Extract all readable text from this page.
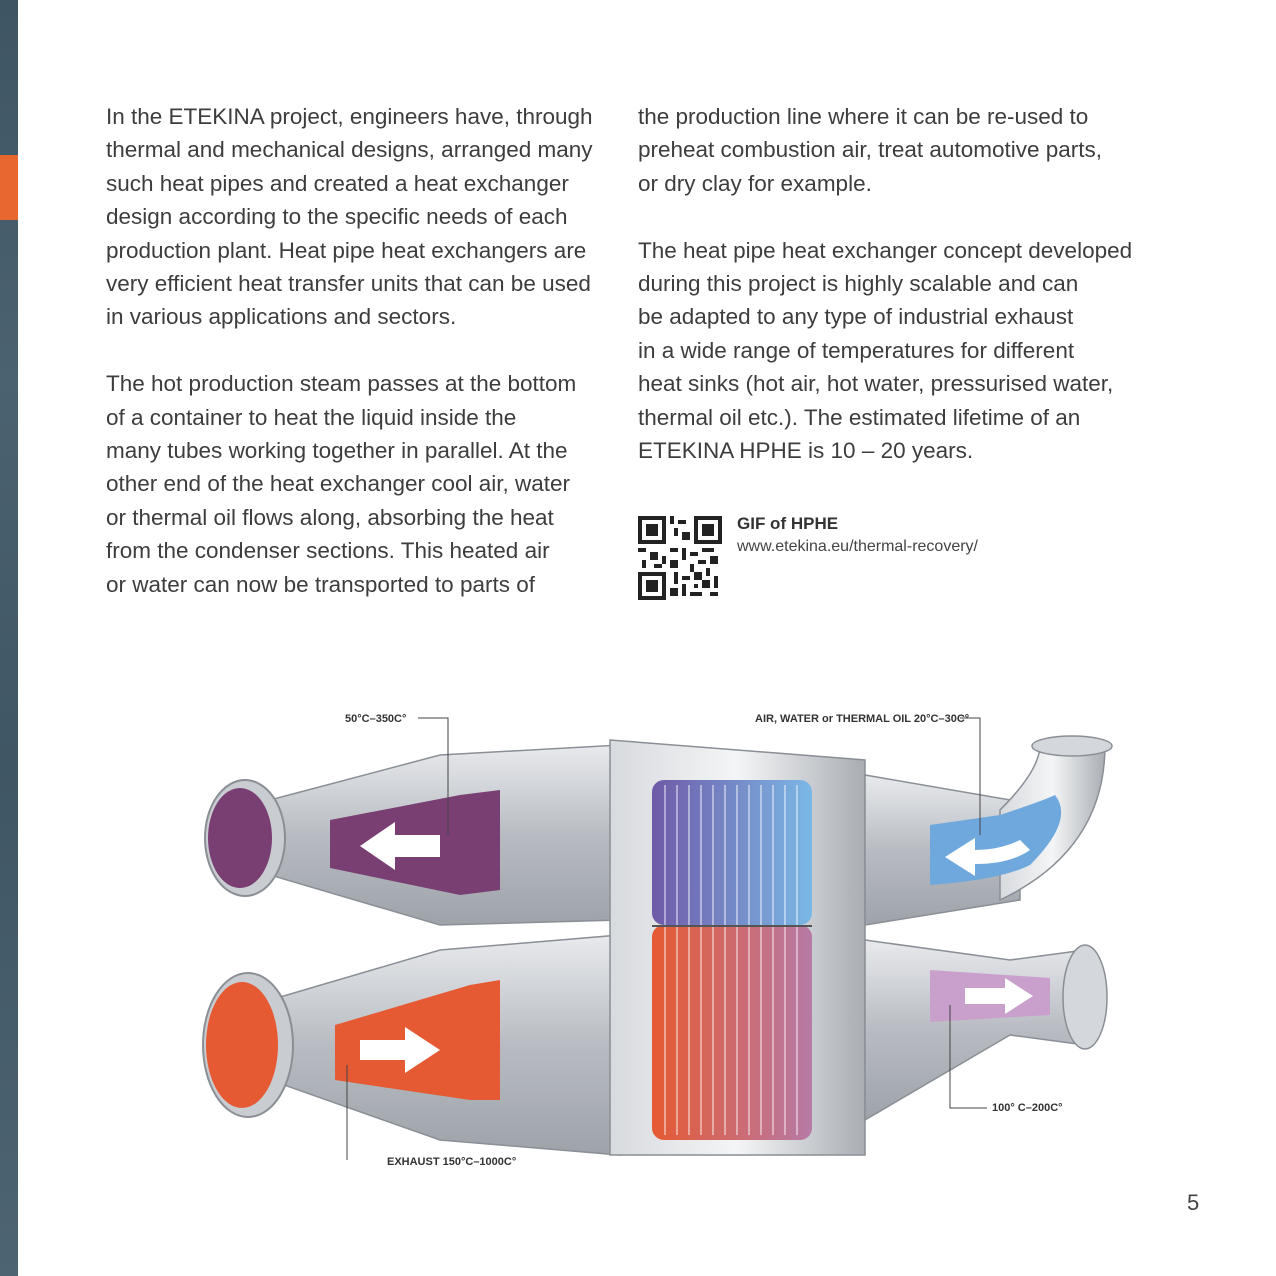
In the ETEKINA project, engineers have, through

thermal and mechanical designs, arranged many

such heat pipes and created a heat exchanger

design according to the specific needs of each

production plant. Heat pipe heat exchangers are

very efficient heat transfer units that can be used

in various applications and sectors.

The hot production steam passes at the bottom

of a container to heat the liquid inside the

many tubes working together in parallel. At the

other end of the heat exchanger cool air, water

or thermal oil flows along, absorbing the heat

from the condenser sections. This heated air

or water can now be transported to parts of

the production line where it can be re-used to

preheat combustion air, treat automotive parts,

or dry clay for example.

The heat pipe heat exchanger concept developed

during this project is highly scalable and can

be adapted to any type of industrial exhaust

in a wide range of temperatures for different

heat sinks (hot air, hot water, pressurised water,

thermal oil etc.). The estimated lifetime of an

ETEKINA HPHE is 10 – 20 years.

GIF of HPHE
www.etekina.eu/thermal-recovery/
50°C–350C°	AIR, WATER or THERMAL OIL 20°C–30C°
EXHAUST 150°C–1000C°
100° C–200C°
5
